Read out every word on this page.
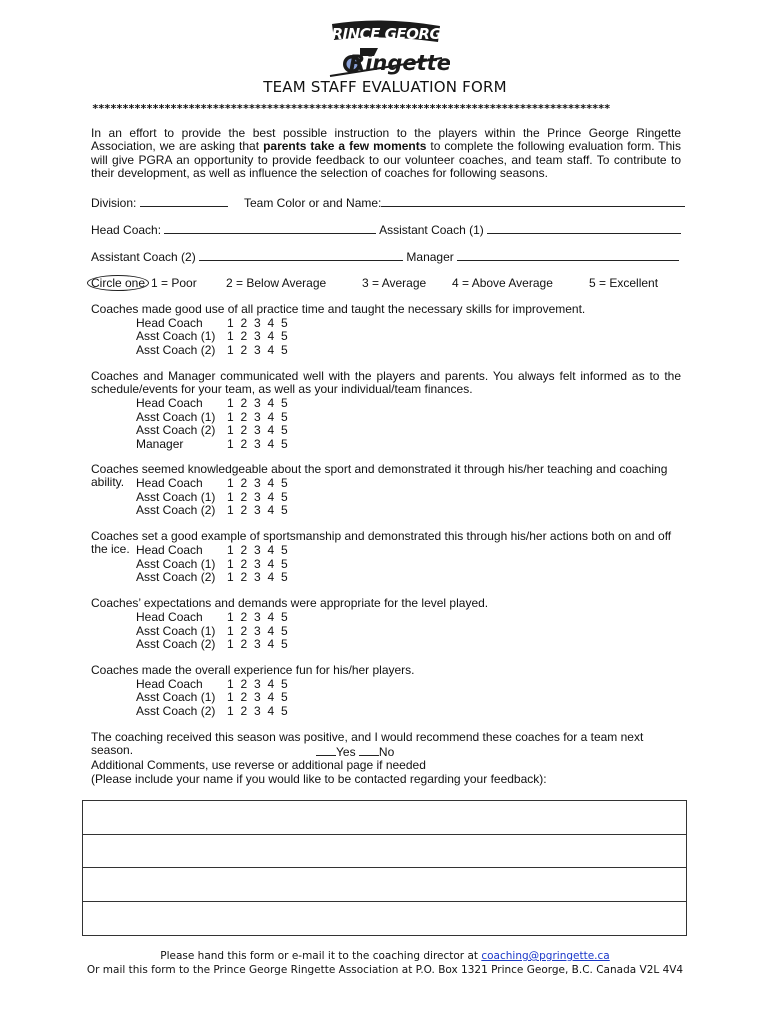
PRINCE GEORGE
Ringette
TEAM STAFF EVALUATION FORM
**************************************************************************************
In an effort to provide the best possible instruction to the players within the Prince George Ringette Association, we are asking that parents take a few moments to complete the following evaluation form. This will give PGRA an opportunity to provide feedback to our volunteer coaches, and team staff. To contribute to their development, as well as influence the selection of coaches for following seasons.
Division:	Team Color or and Name:
Head Coach:	Assistant Coach (1)
Assistant Coach (2)	Manager
Circle one 1 = Poor 2 = Below Average	3 = Average 4 = Above Average	5 = Excellent
Coaches made good use of all practice time and taught the necessary skills for improvement.
Head Coach 1 2 3 4 5
Asst Coach (1) 1 2 3 4 5
Asst Coach (2) 1 2 3 4 5
Coaches and Manager communicated well with the players and parents. You always felt informed as to the schedule/events for your team, as well as your individual/team finances.
Head Coach 1 2 3 4 5
Asst Coach (1) 1 2 3 4 5
Asst Coach (2) 1 2 3 4 5
Manager	1 2 3 4 5
Coaches seemed knowledgeable about the sport and demonstrated it through his/her teaching and coaching ability. Head Coach 1 2 3 4 5
Asst Coach (1) 1 2 3 4 5
Asst Coach (2) 1 2 3 4 5
Coaches set a good example of sportsmanship and demonstrated this through his/her actions both on and off the ice. Head Coach 1 2 3 4 5
Asst Coach (1) 1 2 3 4 5
Asst Coach (2) 1 2 3 4 5
Coaches’ expectations and demands were appropriate for the level played.
Head Coach 1 2 3 4 5
Asst Coach (1) 1 2 3 4 5
Asst Coach (2) 1 2 3 4 5
Coaches made the overall experience fun for his/her players.
Head Coach 1 2 3 4 5
Asst Coach (1) 1 2 3 4 5
Asst Coach (2) 1 2 3 4 5
The coaching received this season was positive, and I would recommend these coaches for a team next season.	Yes No
Additional Comments, use reverse or additional page if needed
(Please include your name if you would like to be contacted regarding your feedback):
Please hand this form or e-mail it to the coaching director at coaching@pgringette.ca
Or mail this form to the Prince George Ringette Association at P.O. Box 1321 Prince George, B.C. Canada V2L 4V4
